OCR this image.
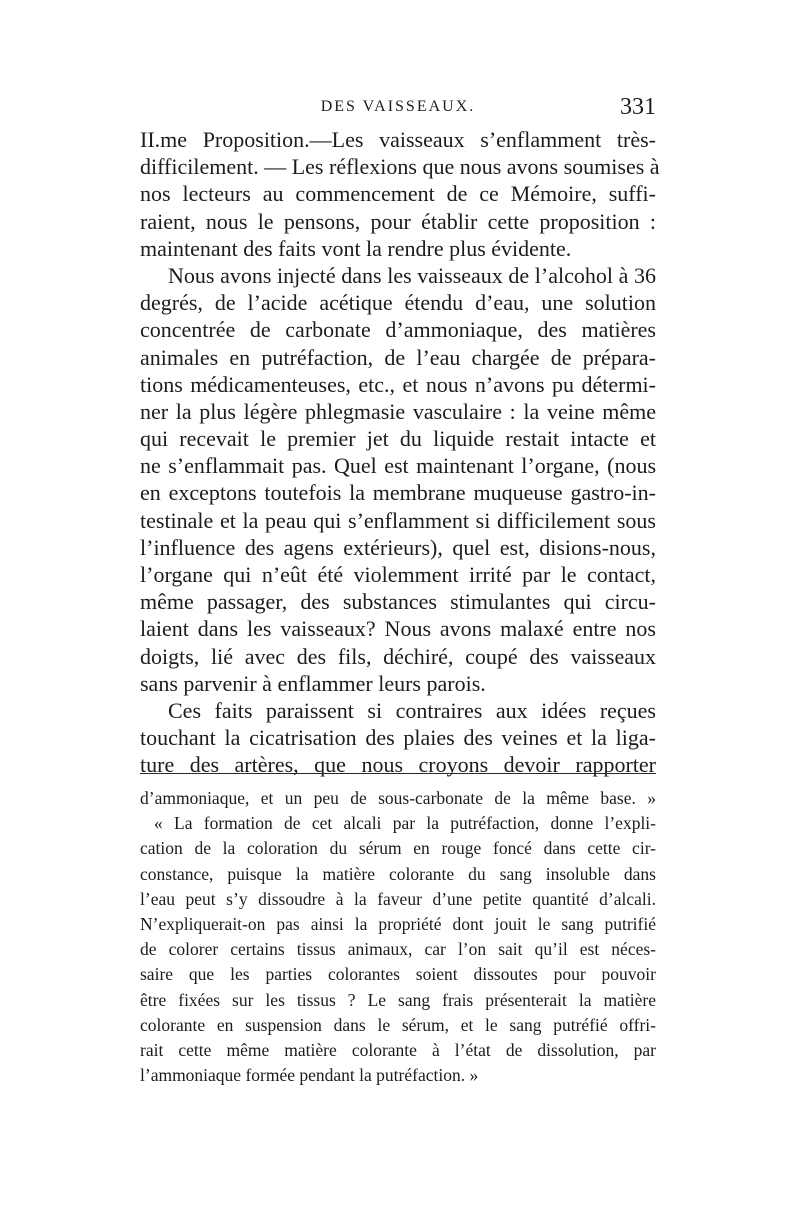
DES VAISSEAUX.	331
II.me Proposition.—Les vaisseaux s’enflamment très-
difficilement. — Les réflexions que nous avons soumises à
nos lecteurs au commencement de ce Mémoire, suffi-
raient, nous le pensons, pour établir cette proposition :
maintenant des faits vont la rendre plus évidente.
Nous avons injecté dans les vaisseaux de l’alcohol à 36
degrés, de l’acide acétique étendu d’eau, une solution
concentrée de carbonate d’ammoniaque, des matières
animales en putréfaction, de l’eau chargée de prépara-
tions médicamenteuses, etc., et nous n’avons pu détermi-
ner la plus légère phlegmasie vasculaire : la veine même
qui recevait le premier jet du liquide restait intacte et
ne s’enflammait pas. Quel est maintenant l’organe, (nous
en exceptons toutefois la membrane muqueuse gastro-in-
testinale et la peau qui s’enflamment si difficilement sous
l’influence des agens extérieurs), quel est, disions-nous,
l’organe qui n’eût été violemment irrité par le contact,
même passager, des substances stimulantes qui circu-
laient dans les vaisseaux? Nous avons malaxé entre nos
doigts, lié avec des fils, déchiré, coupé des vaisseaux
sans parvenir à enflammer leurs parois.
Ces faits paraissent si contraires aux idées reçues
touchant la cicatrisation des plaies des veines et la liga-
ture des artères, que nous croyons devoir rapporter
d’ammoniaque, et un peu de sous-carbonate de la même base. »
« La formation de cet alcali par la putréfaction, donne l’expli-
cation de la coloration du sérum en rouge foncé dans cette cir-
constance, puisque la matière colorante du sang insoluble dans
l’eau peut s’y dissoudre à la faveur d’une petite quantité d’alcali.
N’expliquerait-on pas ainsi la propriété dont jouit le sang putrifié
de colorer certains tissus animaux, car l’on sait qu’il est néces-
saire que les parties colorantes soient dissoutes pour pouvoir
être fixées sur les tissus ? Le sang frais présenterait la matière
colorante en suspension dans le sérum, et le sang putréfié offri-
rait cette même matière colorante à l’état de dissolution, par
l’ammoniaque formée pendant la putréfaction. »
